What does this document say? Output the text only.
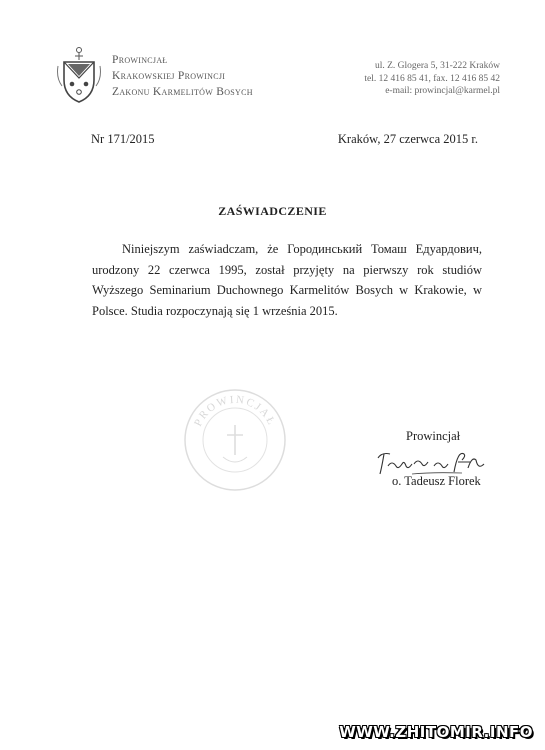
Prowincjał
Krakowskiej Prowincji
Zakonu Karmelitów Bosych
ul. Z. Glogera 5, 31-222 Kraków
tel. 12 416 85 41, fax. 12 416 85 42
e-mail: prowincjal@karmel.pl
Nr 171/2015	Kraków, 27 czerwca 2015 r.
ZAŚWIADCZENIE

Niniejszym zaświadczam, że Городинський Томаш Едуардович, urodzony 22 czerwca 1995, został przyjęty na pierwszy rok studiów Wyższego Seminarium Duchownego Karmelitów Bosych w Krakowie, w Polsce. Studia rozpoczynają się 1 września 2015.

PROWINCJAŁ
Prowincjał
o. Tadeusz Florek
WWW.ZHITOMIR.INFO
